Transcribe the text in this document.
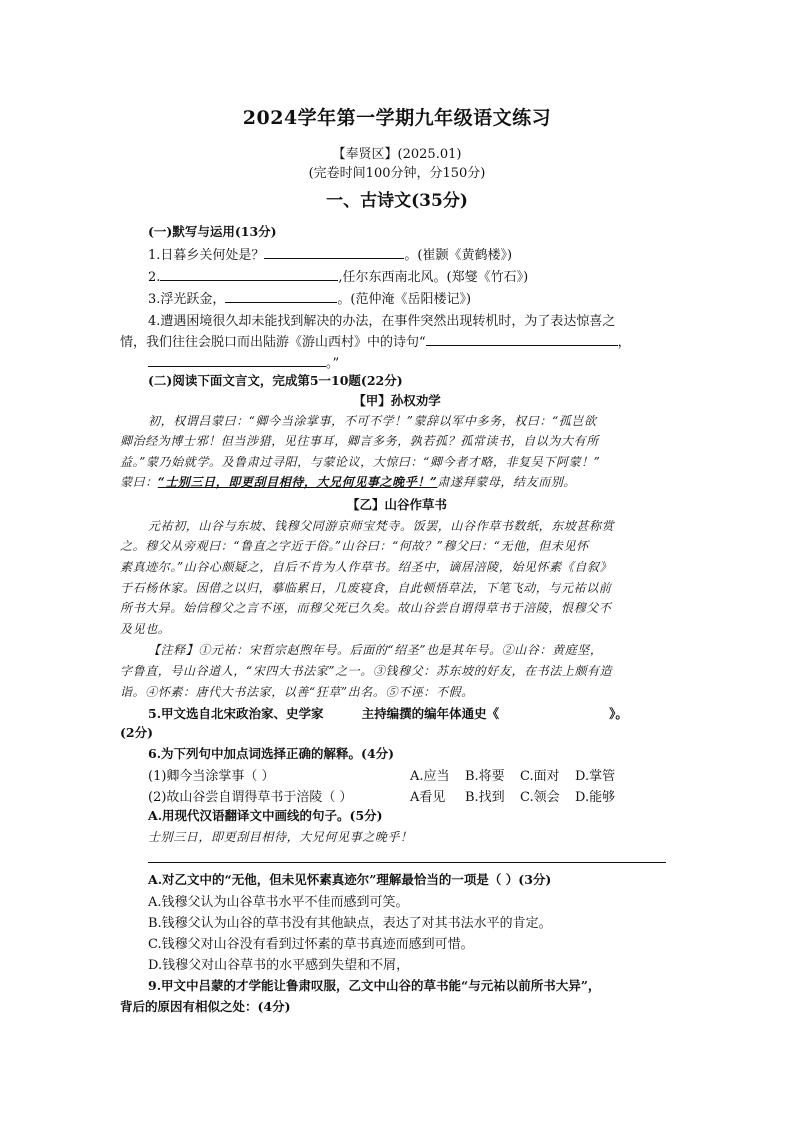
2024学年第一学期九年级语文练习
【奉贤区】(2025.01)
(完卷时间100分钟，分150分)
一、古诗文(35分)
(一)默写与运用(13分)
1.日暮乡关何处是？	。(崔颢《黄鹤楼》)
2.	,任尔东西南北风。(郑燮《竹石》)
3.浮光跃金，	。(范仲淹《岳阳楼记》)
4.遭遇困境很久却未能找到解决的办法，在事件突然出现转机时，为了表达惊喜之
情，我们往往会脱口而出陆游《游山西村》中的诗句“	，
。”
(二)阅读下面文言文，完成第5一10题(22分)
【甲】孙权劝学
初，权谓吕蒙曰：“卿今当涂掌事，不可不学！”蒙辞以军中多务，权曰：“孤岂欲
卿治经为博士邪！但当涉猎，见往事耳，卿言多务，孰若孤？孤常读书，自以为大有所
益。”蒙乃始就学。及鲁肃过寻阳，与蒙论议，大惊曰：“卿今者才略，非复吴下阿蒙！”
蒙曰：“士别三日，即更刮目相待，大兄何见事之晚乎！”肃遂拜蒙母，结友而别。
【乙】山谷作草书
元祐初，山谷与东坡、钱穆父同游京师宝梵寺。饭罢，山谷作草书数纸，东坡甚称赏
之。穆父从旁观曰：“鲁直之字近于俗。”山谷曰：“何故？”穆父曰：“无他，但未见怀
素真迹尔。”山谷心颇疑之，自后不肯为人作草书。绍圣中，谪居涪陵，始见怀素《自叙》
于石杨休家。因借之以归，摹临累日，几废寝食，自此顿悟草法，下笔飞动，与元祐以前
所书大异。始信穆父之言不诬，而穆父死已久矣。故山谷尝自谓得草书于涪陵，恨穆父不
及见也。
【注释】①元祐：宋哲宗赵煦年号。后面的“绍圣”也是其年号。②山谷：黄庭坚，
字鲁直，号山谷道人，“宋四大书法家”之一。③钱穆父：苏东坡的好友，在书法上颇有造
诣。④怀素：唐代大书法家，以善“狂草”出名。⑤不诬：不假。
5.甲文选自北宋政治家、史学家	主持编撰的编年体通史《	》。
(2分)
6.为下列句中加点词选择正确的解释。(4分)
(1)卿今当涂掌事（ ）	A.应当 B.将要 C.面对 D.掌管
(2)故山谷尝自谓得草书于涪陵（ ）	A看见 B.找到 C.领会 D.能够
A.用现代汉语翻译文中画线的句子。(5分)
士别三日，即更刮目相待，大兄何见事之晚乎！
A.对乙文中的“无他，但未见怀素真迹尔”理解最恰当的一项是（ ）(3分)
A.钱穆父认为山谷草书水平不佳而感到可笑。
B.钱穆父认为山谷的草书没有其他缺点，表达了对其书法水平的肯定。
C.钱穆父对山谷没有看到过怀素的草书真迹而感到可惜。
D.钱穆父对山谷草书的水平感到失望和不屑，
9.甲文中吕蒙的才学能让鲁肃叹服，乙文中山谷的草书能“与元祐以前所书大异”，
背后的原因有相似之处：(4分)
